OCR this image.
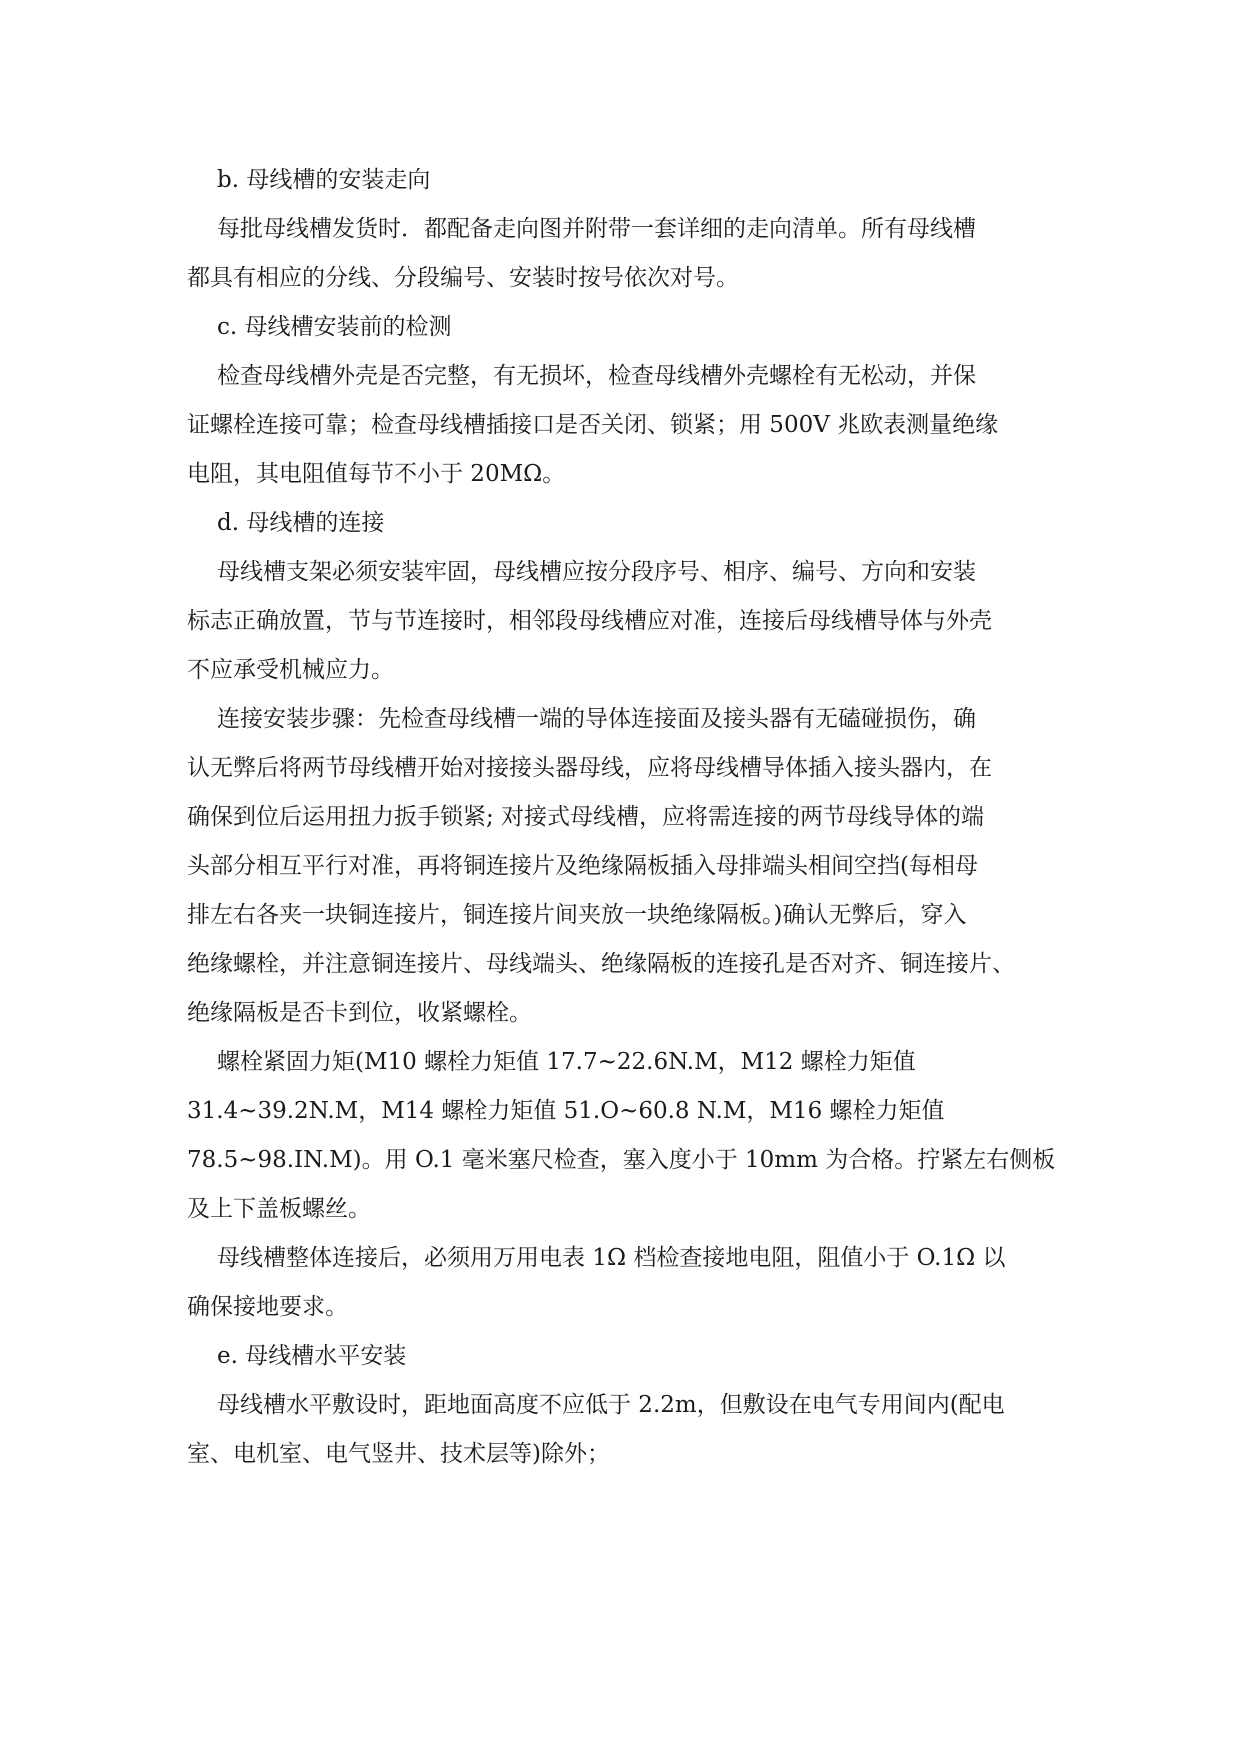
b. 母线槽的安装走向
每批母线槽发货时．都配备走向图并附带一套详细的走向清单。所有母线槽
都具有相应的分线、分段编号、安装时按号依次对号。
c. 母线槽安装前的检测
检查母线槽外壳是否完整，有无损坏，检查母线槽外壳螺栓有无松动，并保
证螺栓连接可靠；检查母线槽插接口是否关闭、锁紧；用 500V 兆欧表测量绝缘
电阻，其电阻值每节不小于 20MΩ。
d. 母线槽的连接
母线槽支架必须安装牢固，母线槽应按分段序号、相序、编号、方向和安装
标志正确放置，节与节连接时，相邻段母线槽应对准，连接后母线槽导体与外壳
不应承受机械应力。
连接安装步骤：先检查母线槽一端的导体连接面及接头器有无磕碰损伤，确
认无弊后将两节母线槽开始对接接头器母线，应将母线槽导体插入接头器内，在
确保到位后运用扭力扳手锁紧; 对接式母线槽，应将需连接的两节母线导体的端
头部分相互平行对准，再将铜连接片及绝缘隔板插入母排端头相间空挡(每相母
排左右各夹一块铜连接片，铜连接片间夹放一块绝缘隔板。)确认无弊后，穿入
绝缘螺栓，并注意铜连接片、母线端头、绝缘隔板的连接孔是否对齐、铜连接片、
绝缘隔板是否卡到位，收紧螺栓。
螺栓紧固力矩(M10 螺栓力矩值 17.7~22.6N.M，M12 螺栓力矩值
31.4~39.2N.M，M14 螺栓力矩值 51.O~60.8 N.M，M16 螺栓力矩值
78.5~98.IN.M)。用 O.1 毫米塞尺检查，塞入度小于 10mm 为合格。拧紧左右侧板
及上下盖板螺丝。
母线槽整体连接后，必须用万用电表 1Ω 档检查接地电阻，阻值小于 O.1Ω 以
确保接地要求。
e. 母线槽水平安装
母线槽水平敷设时，距地面高度不应低于 2.2m，但敷设在电气专用间内(配电
室、电机室、电气竖井、技术层等)除外；
